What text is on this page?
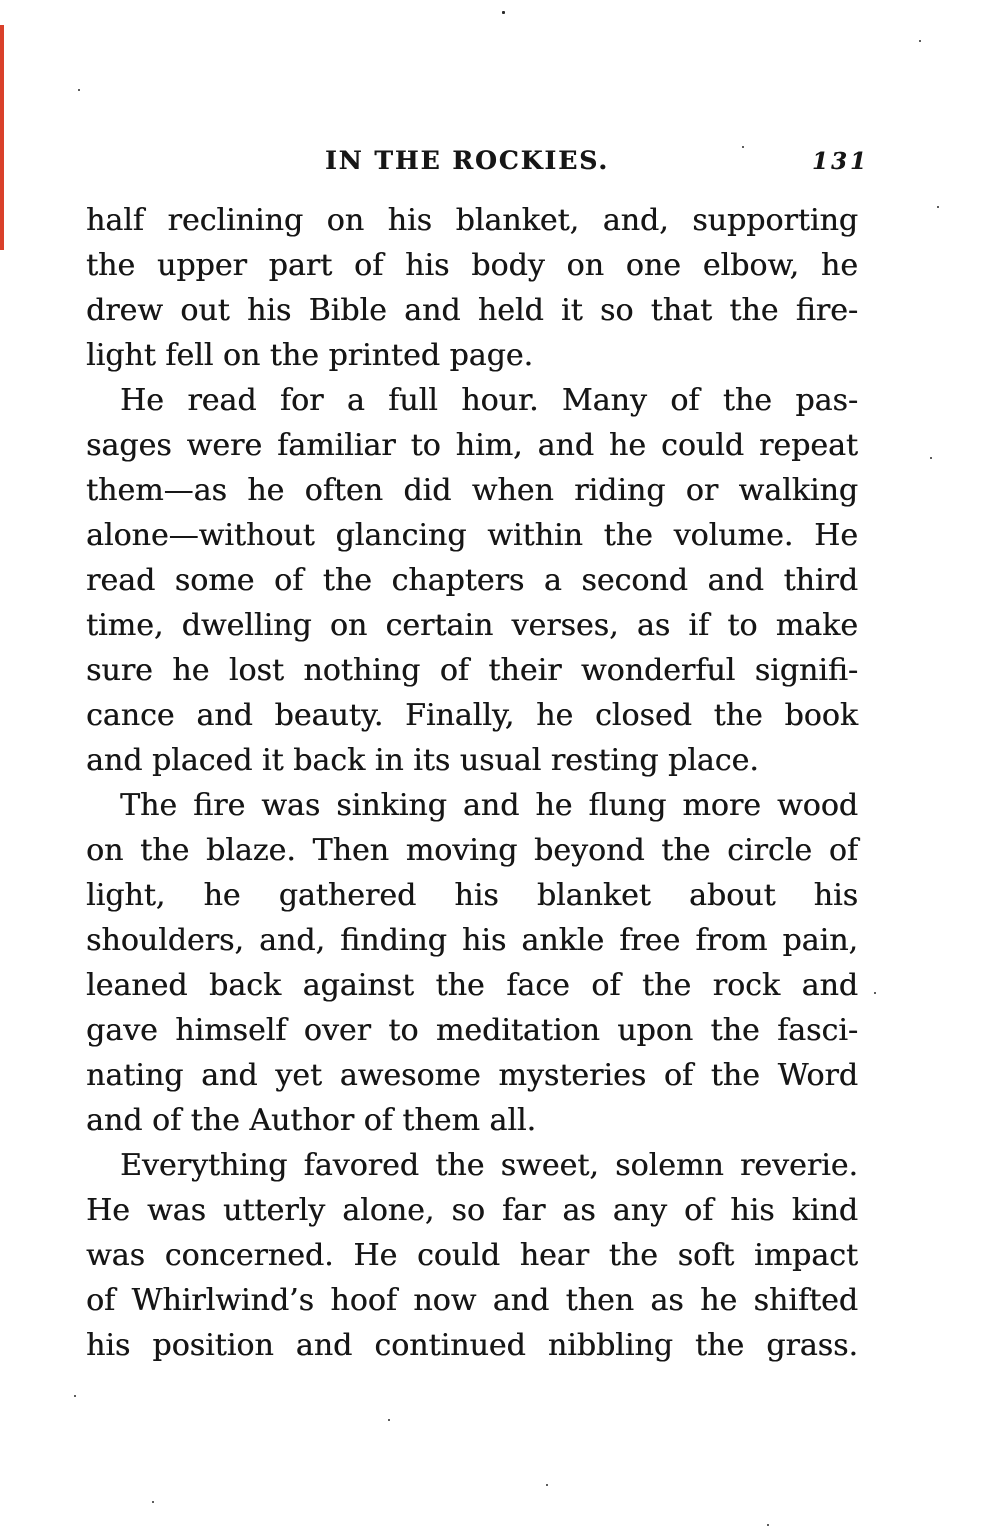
IN THE ROCKIES.	131
half reclining on his blanket, and, supporting
the upper part of his body on one elbow, he
drew out his Bible and held it so that the fire-
light fell on the printed page.
He read for a full hour. Many of the pas-
sages were familiar to him, and he could repeat
them—as he often did when riding or walking
alone—without glancing within the volume. He
read some of the chapters a second and third
time, dwelling on certain verses, as if to make
sure he lost nothing of their wonderful signifi-
cance and beauty. Finally, he closed the book
and placed it back in its usual resting place.
The fire was sinking and he flung more wood
on the blaze. Then moving beyond the circle of
light, he gathered his blanket about his
shoulders, and, finding his ankle free from pain,
leaned back against the face of the rock and
gave himself over to meditation upon the fasci-
nating and yet awesome mysteries of the Word
and of the Author of them all.
Everything favored the sweet, solemn reverie.
He was utterly alone, so far as any of his kind
was concerned. He could hear the soft impact
of Whirlwind’s hoof now and then as he shifted
his position and continued nibbling the grass.
